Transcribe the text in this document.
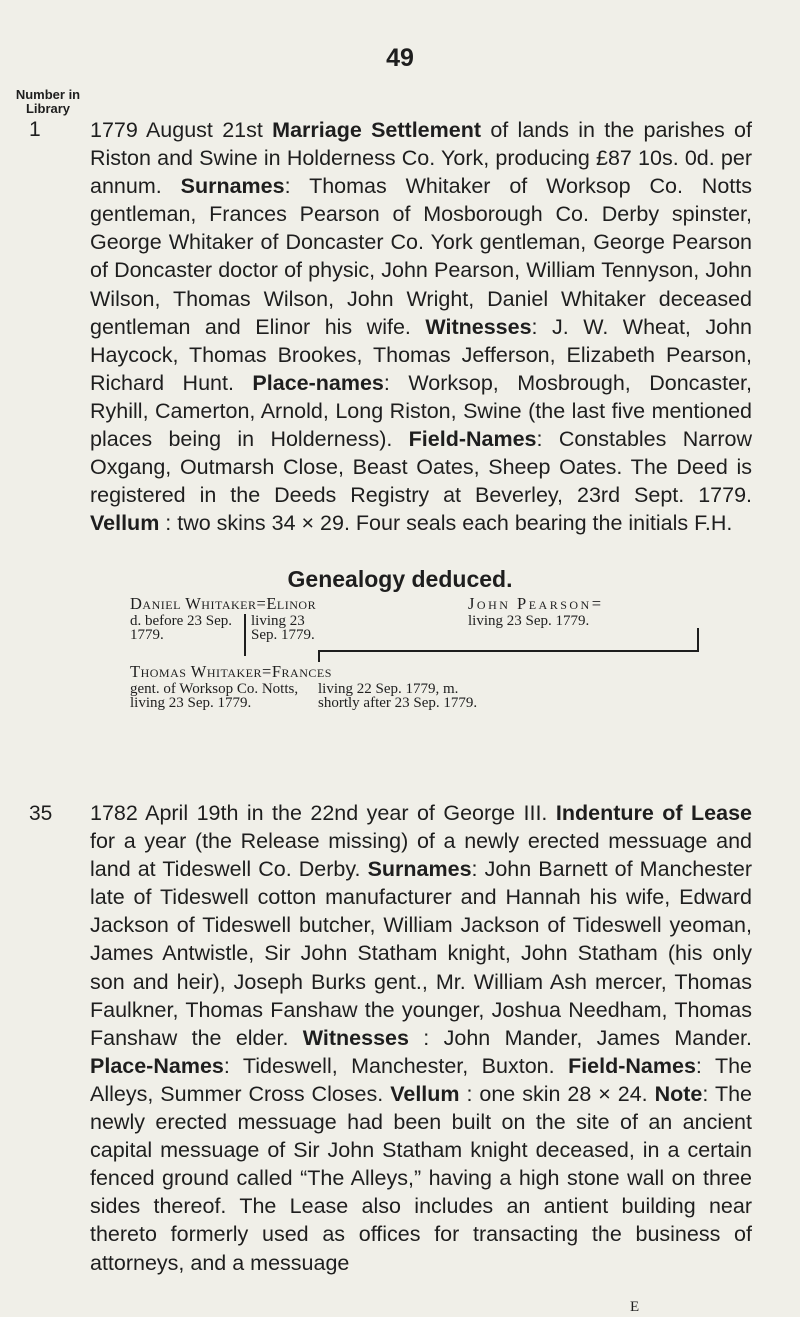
49
Number in Library
1 1779 August 21st Marriage Settlement of lands in the parishes of Riston and Swine in Holderness Co. York, producing £87 10s. 0d. per annum. Surnames: Thomas Whitaker of Worksop Co. Notts gentleman, Frances Pearson of Mosborough Co. Derby spinster, George Whitaker of Doncaster Co. York gentleman, George Pearson of Doncaster doctor of physic, John Pearson, William Tennyson, John Wilson, Thomas Wilson, John Wright, Daniel Whitaker deceased gentleman and Elinor his wife. Witnesses: J. W. Wheat, John Haycock, Thomas Brookes, Thomas Jefferson, Elizabeth Pearson, Richard Hunt. Place-names: Worksop, Mosbrough, Doncaster, Ryhill, Camerton, Arnold, Long Riston, Swine (the last five mentioned places being in Holderness). Field-Names: Constables Narrow Oxgang, Outmarsh Close, Beast Oates, Sheep Oates. The Deed is registered in the Deeds Registry at Beverley, 23rd Sept. 1779. Vellum : two skins 34 × 29. Four seals each bearing the initials F.H.
Genealogy deduced.
Daniel Whitaker=Elinor	John Pearson=
d. before 23 Sep. 1779.
living 23 Sep. 1779.
living 23 Sep. 1779.
Thomas Whitaker=Frances
gent. of Worksop Co. Notts, living 23 Sep. 1779.
living 22 Sep. 1779, m. shortly after 23 Sep. 1779.
35 1782 April 19th in the 22nd year of George III. Indenture of Lease for a year (the Release missing) of a newly erected messuage and land at Tideswell Co. Derby. Surnames: John Barnett of Manchester late of Tideswell cotton manufacturer and Hannah his wife, Edward Jackson of Tideswell butcher, William Jackson of Tideswell yeoman, James Antwistle, Sir John Statham knight, John Statham (his only son and heir), Joseph Burks gent., Mr. William Ash mercer, Thomas Faulkner, Thomas Fanshaw the younger, Joshua Needham, Thomas Fanshaw the elder. Witnesses : John Mander, James Mander. Place-Names: Tideswell, Manchester, Buxton. Field-Names: The Alleys, Summer Cross Closes. Vellum : one skin 28 × 24. Note: The newly erected messuage had been built on the site of an ancient capital messuage of Sir John Statham knight deceased, in a certain fenced ground called “The Alleys,” having a high stone wall on three sides thereof. The Lease also includes an antient building near thereto formerly used as offices for transacting the business of attorneys, and a messuage
E
